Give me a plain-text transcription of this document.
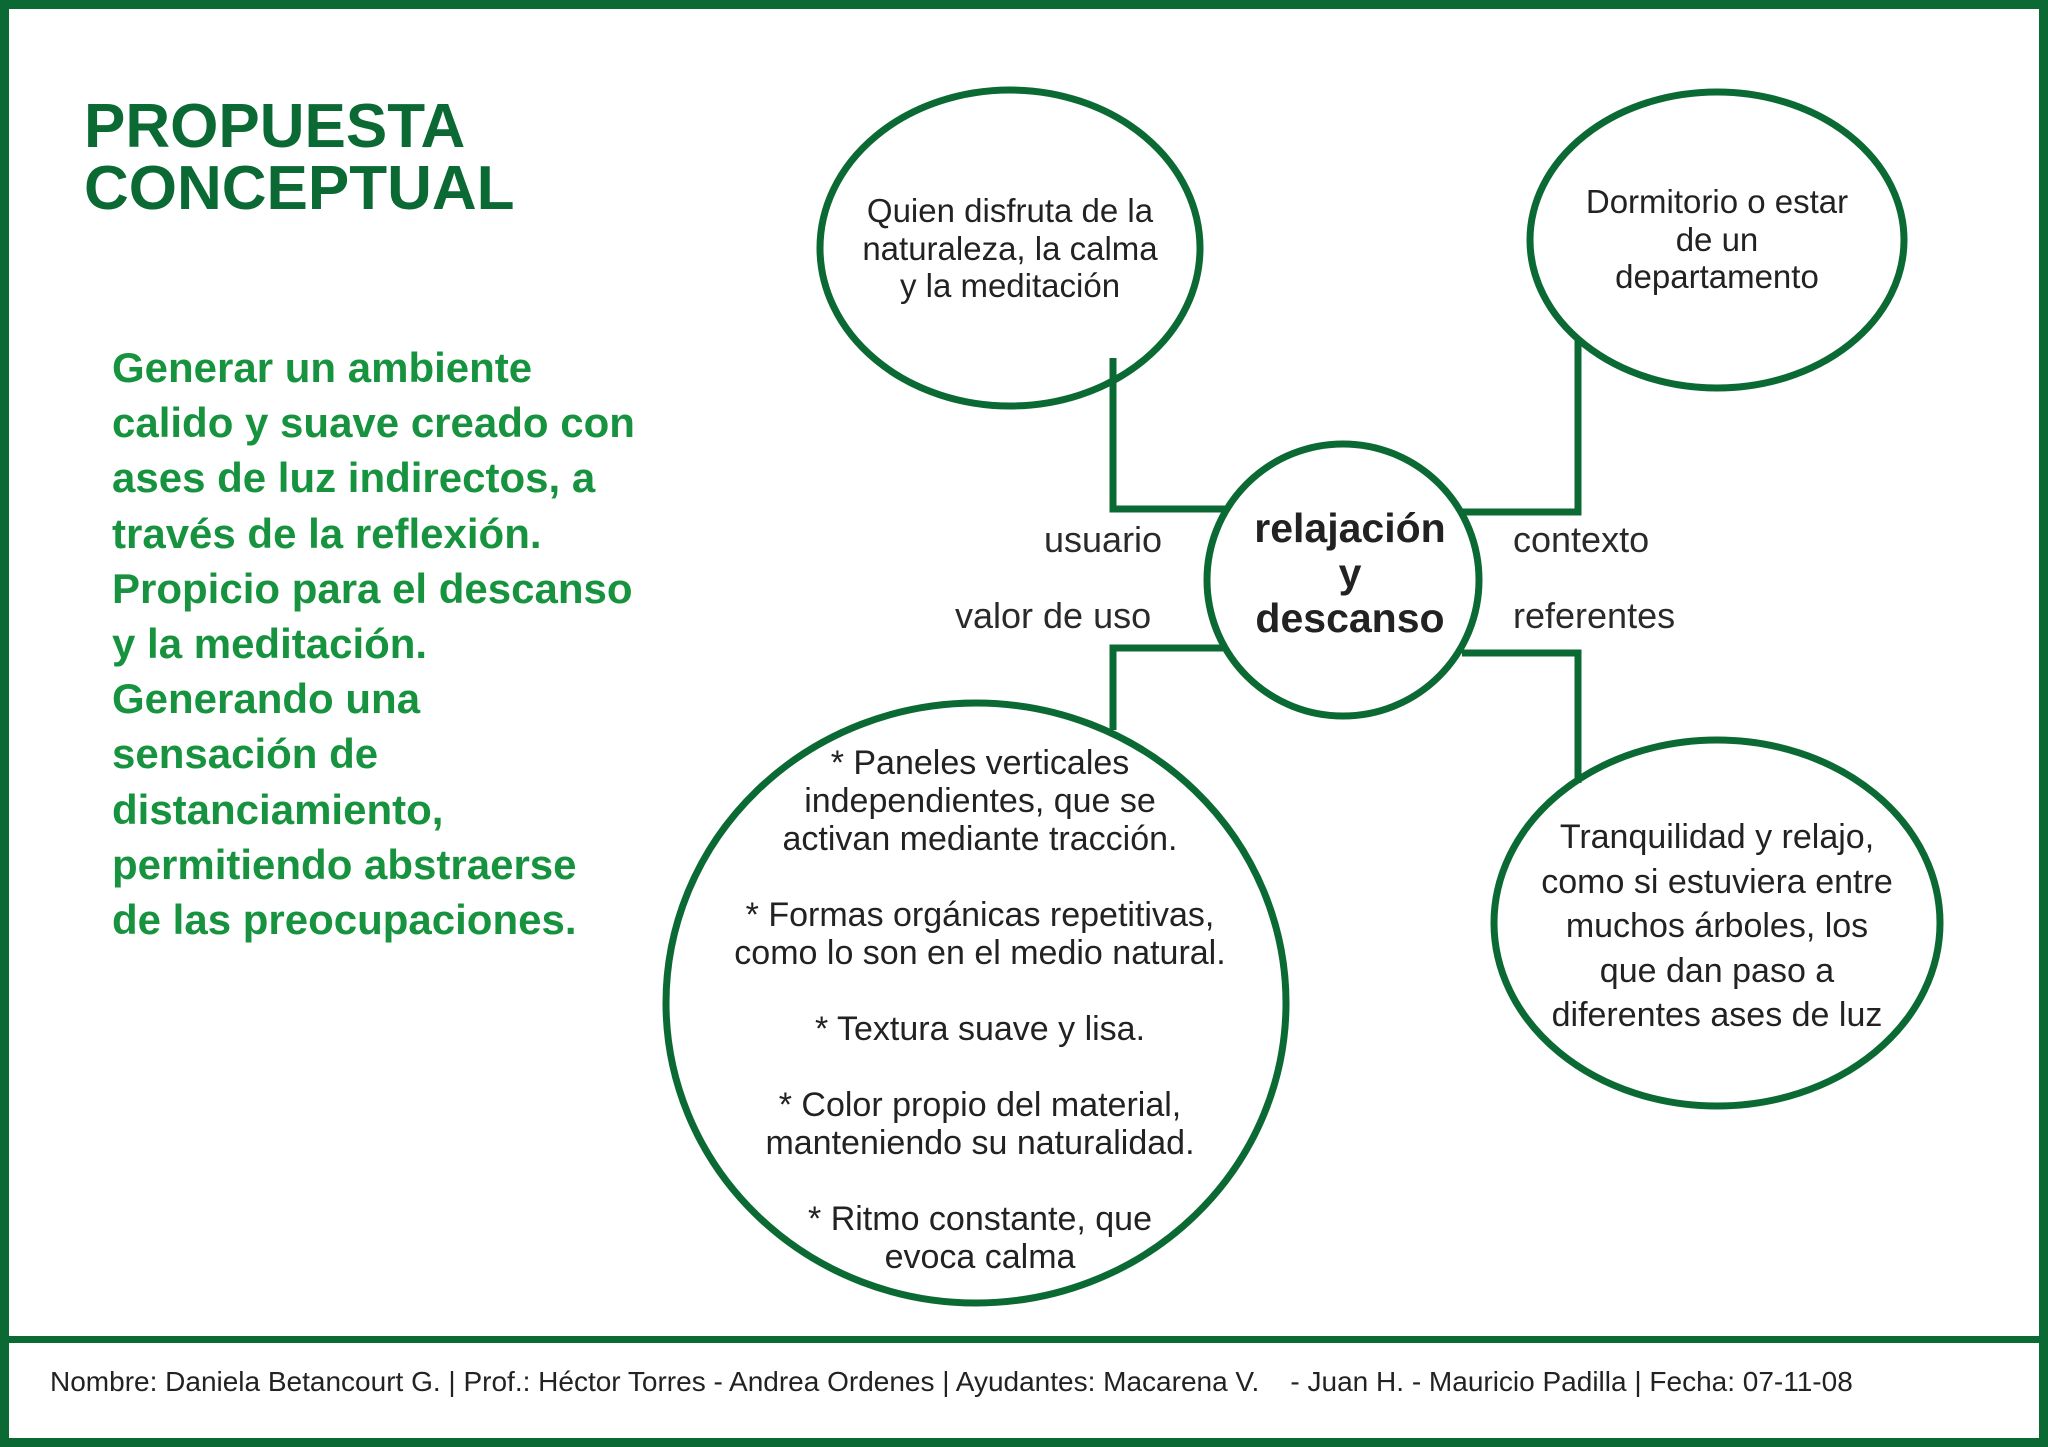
PROPUESTA
CONCEPTUAL
Generar un ambiente
calido y suave creado con
ases de luz indirectos, a
través de la reflexión.
Propicio para el descanso
y la meditación.
Generando una
sensación de
distanciamiento,
permitiendo abstraerse
de las preocupaciones.
relajación
y
descanso
usuario
valor de uso
contexto
referentes
Quien disfruta de la
naturaleza, la calma
y la meditación
Dormitorio o estar
de un
departamento
Tranquilidad y relajo,
como si estuviera entre
muchos árboles, los
que dan paso a
diferentes ases de luz
* Paneles verticales
independientes, que se
activan mediante tracción.
* Formas orgánicas repetitivas,
como lo son en el medio natural.
* Textura suave y lisa.
* Color propio del material,
manteniendo su naturalidad.
* Ritmo constante, que
evoca calma
Nombre: Daniela Betancourt G. | Prof.: Héctor Torres - Andrea Ordenes | Ayudantes: Macarena V.    - Juan H. - Mauricio Padilla | Fecha: 07-11-08
